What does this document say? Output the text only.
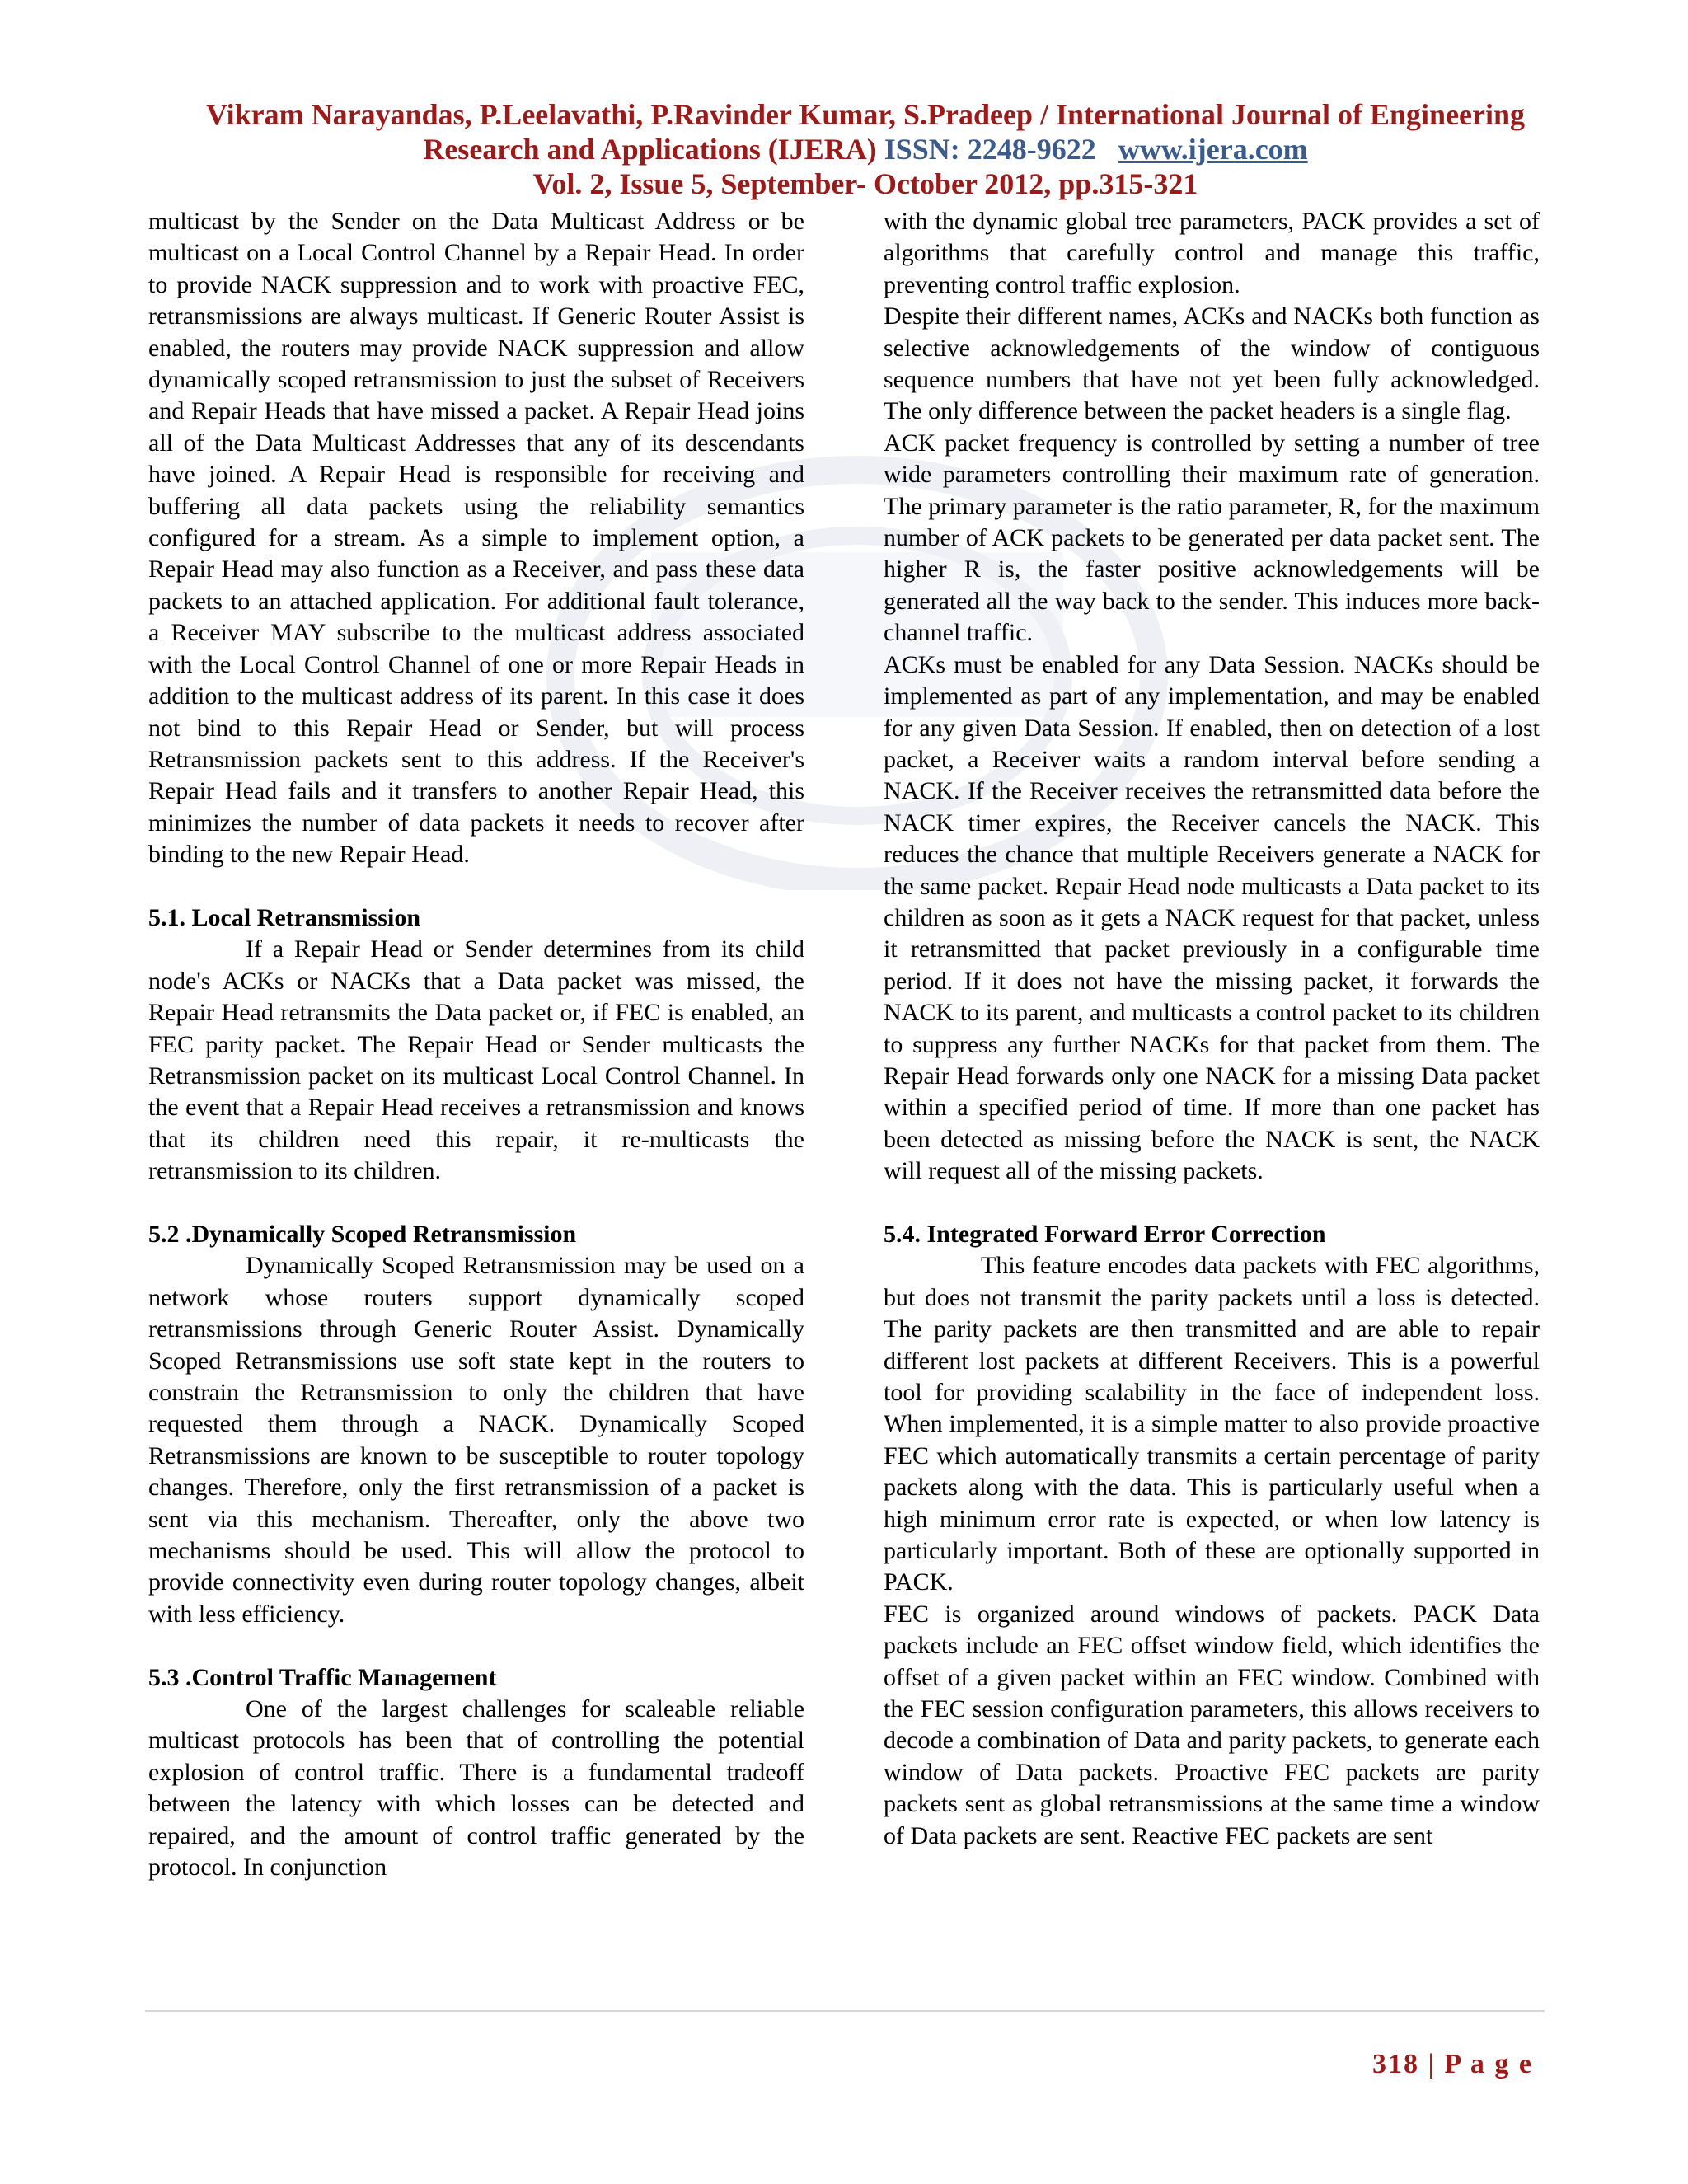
Vikram Narayandas, P.Leelavathi, P.Ravinder Kumar, S.Pradeep / International Journal of Engineering
Research and Applications (IJERA) ISSN: 2248-9622 www.ijera.com
Vol. 2, Issue 5, September- October 2012, pp.315-321

multicast by the Sender on the Data Multicast Address or be multicast on a Local Control Channel by a Repair Head. In order to provide NACK suppression and to work with proactive FEC, retransmissions are always multicast. If Generic Router Assist is enabled, the routers may provide NACK suppression and allow dynamically scoped retransmission to just the subset of Receivers and Repair Heads that have missed a packet. A Repair Head joins all of the Data Multicast Addresses that any of its descendants have joined. A Repair Head is responsible for receiving and buffering all data packets using the reliability semantics configured for a stream. As a simple to implement option, a Repair Head may also function as a Receiver, and pass these data packets to an attached application. For additional fault tolerance, a Receiver MAY subscribe to the multicast address associated with the Local Control Channel of one or more Repair Heads in addition to the multicast address of its parent. In this case it does not bind to this Repair Head or Sender, but will process Retransmission packets sent to this address. If the Receiver's Repair Head fails and it transfers to another Repair Head, this minimizes the number of data packets it needs to recover after binding to the new Repair Head.

5.1. Local Retransmission

If a Repair Head or Sender determines from its child node's ACKs or NACKs that a Data packet was missed, the Repair Head retransmits the Data packet or, if FEC is enabled, an FEC parity packet. The Repair Head or Sender multicasts the Retransmission packet on its multicast Local Control Channel. In the event that a Repair Head receives a retransmission and knows that its children need this repair, it re-multicasts the retransmission to its children.

5.2 .Dynamically Scoped Retransmission

Dynamically Scoped Retransmission may be used on a network whose routers support dynamically scoped retransmissions through Generic Router Assist. Dynamically Scoped Retransmissions use soft state kept in the routers to constrain the Retransmission to only the children that have requested them through a NACK. Dynamically Scoped Retransmissions are known to be susceptible to router topology changes. Therefore, only the first retransmission of a packet is sent via this mechanism. Thereafter, only the above two mechanisms should be used. This will allow the protocol to provide connectivity even during router topology changes, albeit with less efficiency.

5.3 .Control Traffic Management

One of the largest challenges for scaleable reliable multicast protocols has been that of controlling the potential explosion of control traffic. There is a fundamental tradeoff between the latency with which losses can be detected and repaired, and the amount of control traffic generated by the protocol. In conjunction

with the dynamic global tree parameters, PACK provides a set of algorithms that carefully control and manage this traffic, preventing control traffic explosion.

Despite their different names, ACKs and NACKs both function as selective acknowledgements of the window of contiguous sequence numbers that have not yet been fully acknowledged. The only difference between the packet headers is a single flag.

ACK packet frequency is controlled by setting a number of tree wide parameters controlling their maximum rate of generation. The primary parameter is the ratio parameter, R, for the maximum number of ACK packets to be generated per data packet sent. The higher R is, the faster positive acknowledgements will be generated all the way back to the sender. This induces more back-channel traffic.

ACKs must be enabled for any Data Session. NACKs should be implemented as part of any implementation, and may be enabled for any given Data Session. If enabled, then on detection of a lost packet, a Receiver waits a random interval before sending a NACK. If the Receiver receives the retransmitted data before the NACK timer expires, the Receiver cancels the NACK. This reduces the chance that multiple Receivers generate a NACK for the same packet. Repair Head node multicasts a Data packet to its children as soon as it gets a NACK request for that packet, unless it retransmitted that packet previously in a configurable time period. If it does not have the missing packet, it forwards the NACK to its parent, and multicasts a control packet to its children to suppress any further NACKs for that packet from them. The Repair Head forwards only one NACK for a missing Data packet within a specified period of time. If more than one packet has been detected as missing before the NACK is sent, the NACK will request all of the missing packets.

5.4. Integrated Forward Error Correction

This feature encodes data packets with FEC algorithms, but does not transmit the parity packets until a loss is detected. The parity packets are then transmitted and are able to repair different lost packets at different Receivers. This is a powerful tool for providing scalability in the face of independent loss. When implemented, it is a simple matter to also provide proactive FEC which automatically transmits a certain percentage of parity packets along with the data. This is particularly useful when a high minimum error rate is expected, or when low latency is particularly important. Both of these are optionally supported in PACK.

FEC is organized around windows of packets. PACK Data packets include an FEC offset window field, which identifies the offset of a given packet within an FEC window. Combined with the FEC session configuration parameters, this allows receivers to decode a combination of Data and parity packets, to generate each window of Data packets. Proactive FEC packets are parity packets sent as global retransmissions at the same time a window of Data packets are sent. Reactive FEC packets are sent

318 | P a g e
